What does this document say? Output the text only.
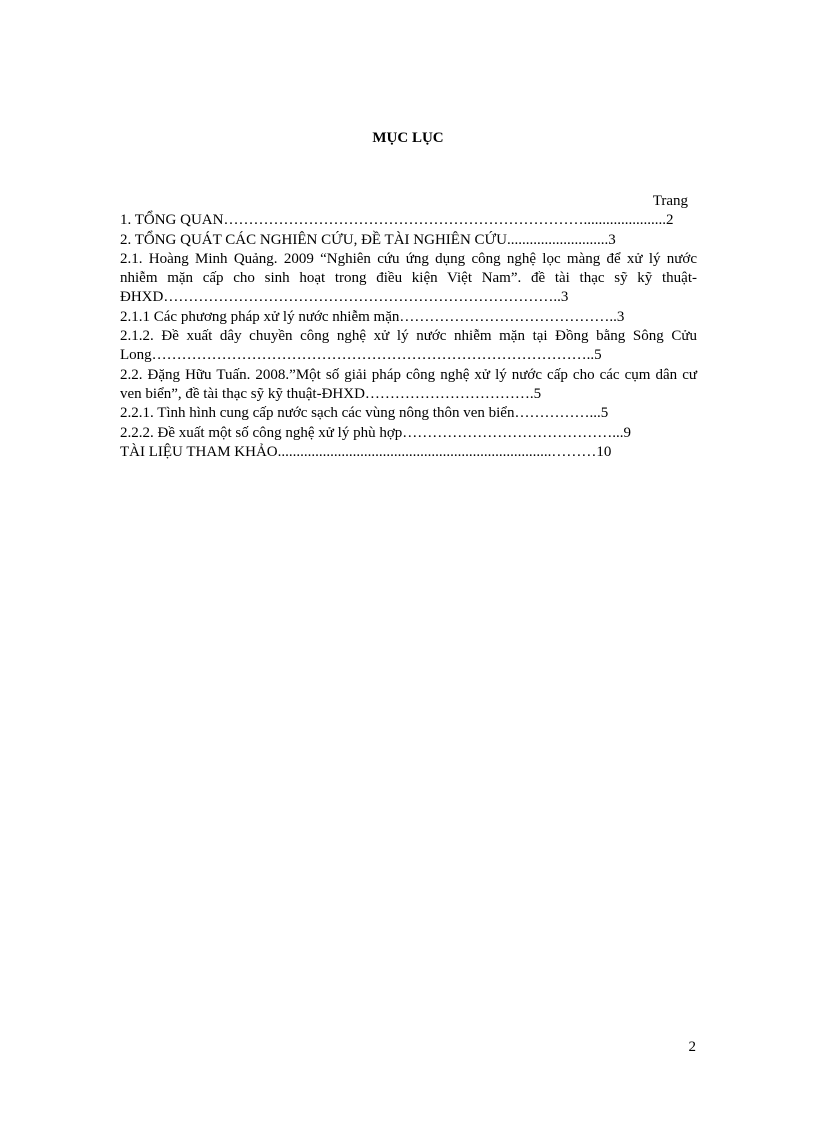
MỤC LỤC
Trang
1. TỔNG QUAN………………………………………………………………......................2
2. TỔNG QUÁT CÁC NGHIÊN CỨU, ĐỀ TÀI NGHIÊN CỨU...........................3
2.1. Hoàng Minh Quảng. 2009 “Nghiên cứu ứng dụng công nghệ lọc màng để xử lý nước nhiễm mặn cấp cho sinh hoạt trong điều kiện Việt Nam”. đề tài thạc sỹ kỹ thuật-ĐHXD……………………………………………………………………..3
2.1.1 Các phương pháp xử lý nước nhiễm mặn……………………………………..3
2.1.2. Đề xuất dây chuyền công nghệ xử lý nước nhiễm mặn tại Đồng bằng Sông Cửu Long……………………………………………………………………………..5
2.2. Đặng Hữu Tuấn. 2008.”Một số giải pháp công nghệ xử lý nước cấp cho các cụm dân cư ven biển”, đề tài thạc sỹ kỹ thuật-ĐHXD…………………………….5
2.2.1. Tình hình cung cấp nước sạch các vùng nông thôn ven biển……………...5
2.2.2. Đề xuất một số công nghệ xử lý phù hợp……………………………………...9
TÀI LIỆU THAM KHẢO.........................................................................………10
2
